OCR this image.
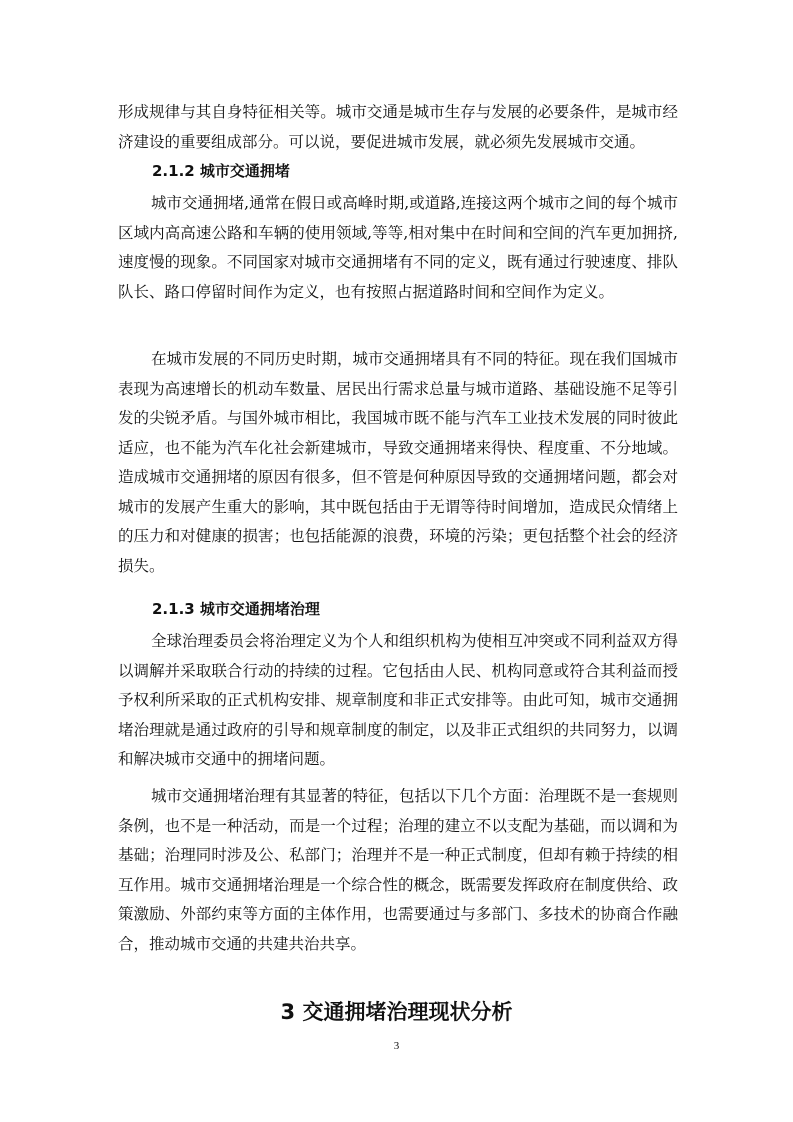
形成规律与其自身特征相关等。城市交通是城市生存与发展的必要条件，是城市经济建设的重要组成部分。可以说，要促进城市发展，就必须先发展城市交通。

2.1.2 城市交通拥堵

城市交通拥堵,通常在假日或高峰时期,或道路,连接这两个城市之间的每个城市区域内高高速公路和车辆的使用领域,等等,相对集中在时间和空间的汽车更加拥挤,速度慢的现象。不同国家对城市交通拥堵有不同的定义，既有通过行驶速度、排队队长、路口停留时间作为定义，也有按照占据道路时间和空间作为定义。

在城市发展的不同历史时期，城市交通拥堵具有不同的特征。现在我们国城市表现为高速增长的机动车数量、居民出行需求总量与城市道路、基础设施不足等引发的尖锐矛盾。与国外城市相比，我国城市既不能与汽车工业技术发展的同时彼此适应，也不能为汽车化社会新建城市，导致交通拥堵来得快、程度重、不分地域。造成城市交通拥堵的原因有很多，但不管是何种原因导致的交通拥堵问题，都会对城市的发展产生重大的影响，其中既包括由于无谓等待时间增加，造成民众情绪上的压力和对健康的损害；也包括能源的浪费，环境的污染；更包括整个社会的经济损失。

2.1.3 城市交通拥堵治理

全球治理委员会将治理定义为个人和组织机构为使相互冲突或不同利益双方得以调解并采取联合行动的持续的过程。它包括由人民、机构同意或符合其利益而授予权利所采取的正式机构安排、规章制度和非正式安排等。由此可知，城市交通拥堵治理就是通过政府的引导和规章制度的制定，以及非正式组织的共同努力，以调和解决城市交通中的拥堵问题。

城市交通拥堵治理有其显著的特征，包括以下几个方面：治理既不是一套规则条例，也不是一种活动，而是一个过程；治理的建立不以支配为基础，而以调和为基础；治理同时涉及公、私部门；治理并不是一种正式制度，但却有赖于持续的相互作用。城市交通拥堵治理是一个综合性的概念，既需要发挥政府在制度供给、政策激励、外部约束等方面的主体作用，也需要通过与多部门、多技术的协商合作融合，推动城市交通的共建共治共享。

3 交通拥堵治理现状分析
3
